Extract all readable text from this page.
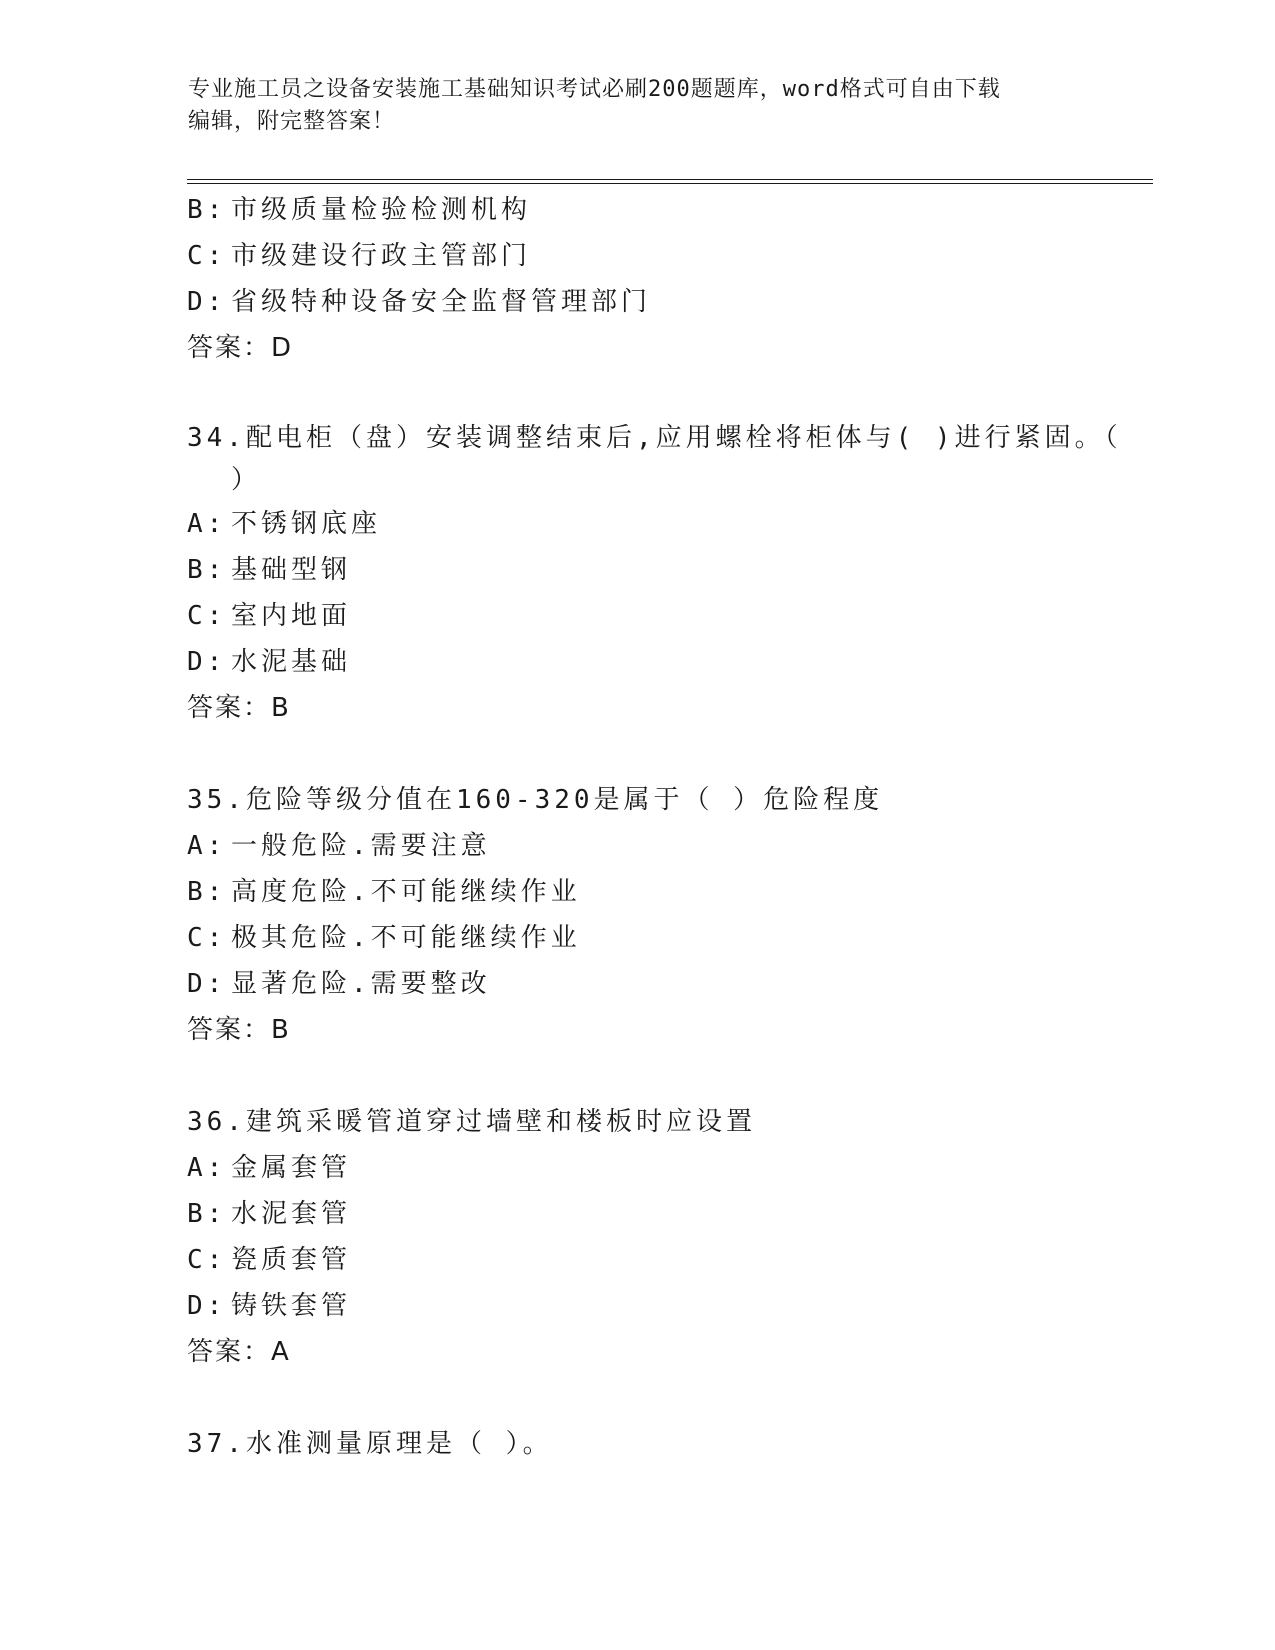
专业施工员之设备安装施工基础知识考试必刷200题题库，word格式可自由下载
编辑，附完整答案！
B: 市级质量检验检测机构
C: 市级建设行政主管部门
D: 省级特种设备安全监督管理部门
答案：D
34.配电柜（盘）安装调整结束后,应用螺栓将柜体与( )进行紧固。（
）
A: 不锈钢底座
B: 基础型钢
C: 室内地面
D: 水泥基础
答案：B
35.危险等级分值在160-320是属于（ ）危险程度
A: 一般危险.需要注意
B: 高度危险.不可能继续作业
C: 极其危险.不可能继续作业
D: 显著危险.需要整改
答案：B
36.建筑采暖管道穿过墙壁和楼板时应设置
A: 金属套管
B: 水泥套管
C: 瓷质套管
D: 铸铁套管
答案：A
37.水准测量原理是（ ）。
